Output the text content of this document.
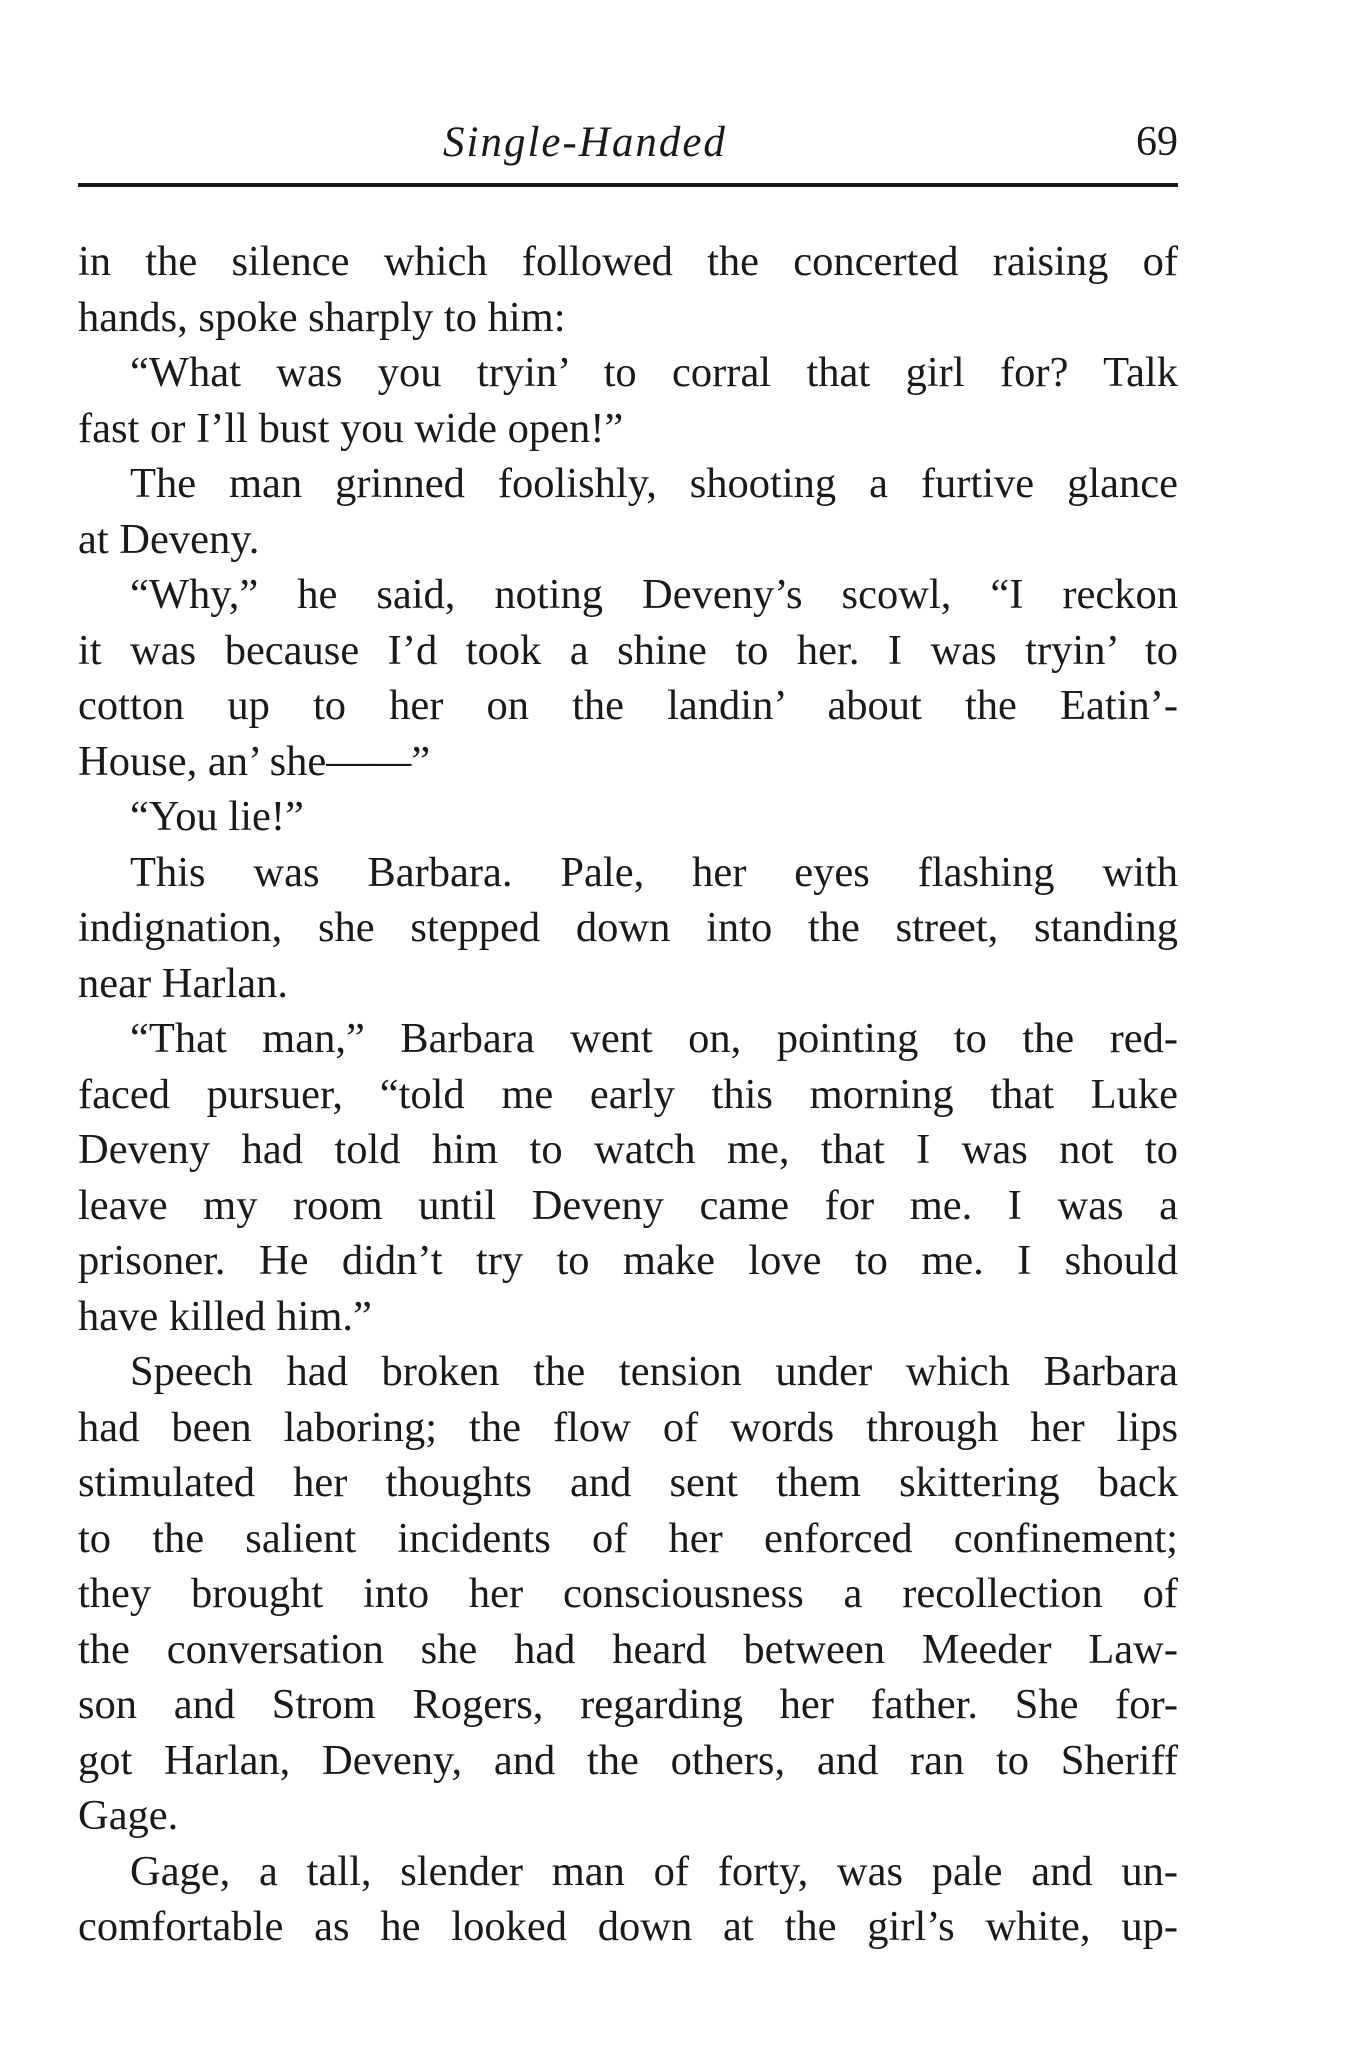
Single-Handed	69
in the silence which followed the concerted raising of
hands, spoke sharply to him:
“What was you tryin’ to corral that girl for? Talk
fast or I’ll bust you wide open!”
The man grinned foolishly, shooting a furtive glance
at Deveny.
“Why,” he said, noting Deveny’s scowl, “I reckon
it was because I’d took a shine to her. I was tryin’ to
cotton up to her on the landin’ about the Eatin’-
House, an’ she——”
“You lie!”
This was Barbara. Pale, her eyes flashing with
indignation, she stepped down into the street, standing
near Harlan.
“That man,” Barbara went on, pointing to the red-
faced pursuer, “told me early this morning that Luke
Deveny had told him to watch me, that I was not to
leave my room until Deveny came for me. I was a
prisoner. He didn’t try to make love to me. I should
have killed him.”
Speech had broken the tension under which Barbara
had been laboring; the flow of words through her lips
stimulated her thoughts and sent them skittering back
to the salient incidents of her enforced confinement;
they brought into her consciousness a recollection of
the conversation she had heard between Meeder Law-
son and Strom Rogers, regarding her father. She for-
got Harlan, Deveny, and the others, and ran to Sheriff
Gage.
Gage, a tall, slender man of forty, was pale and un-
comfortable as he looked down at the girl’s white, up-
